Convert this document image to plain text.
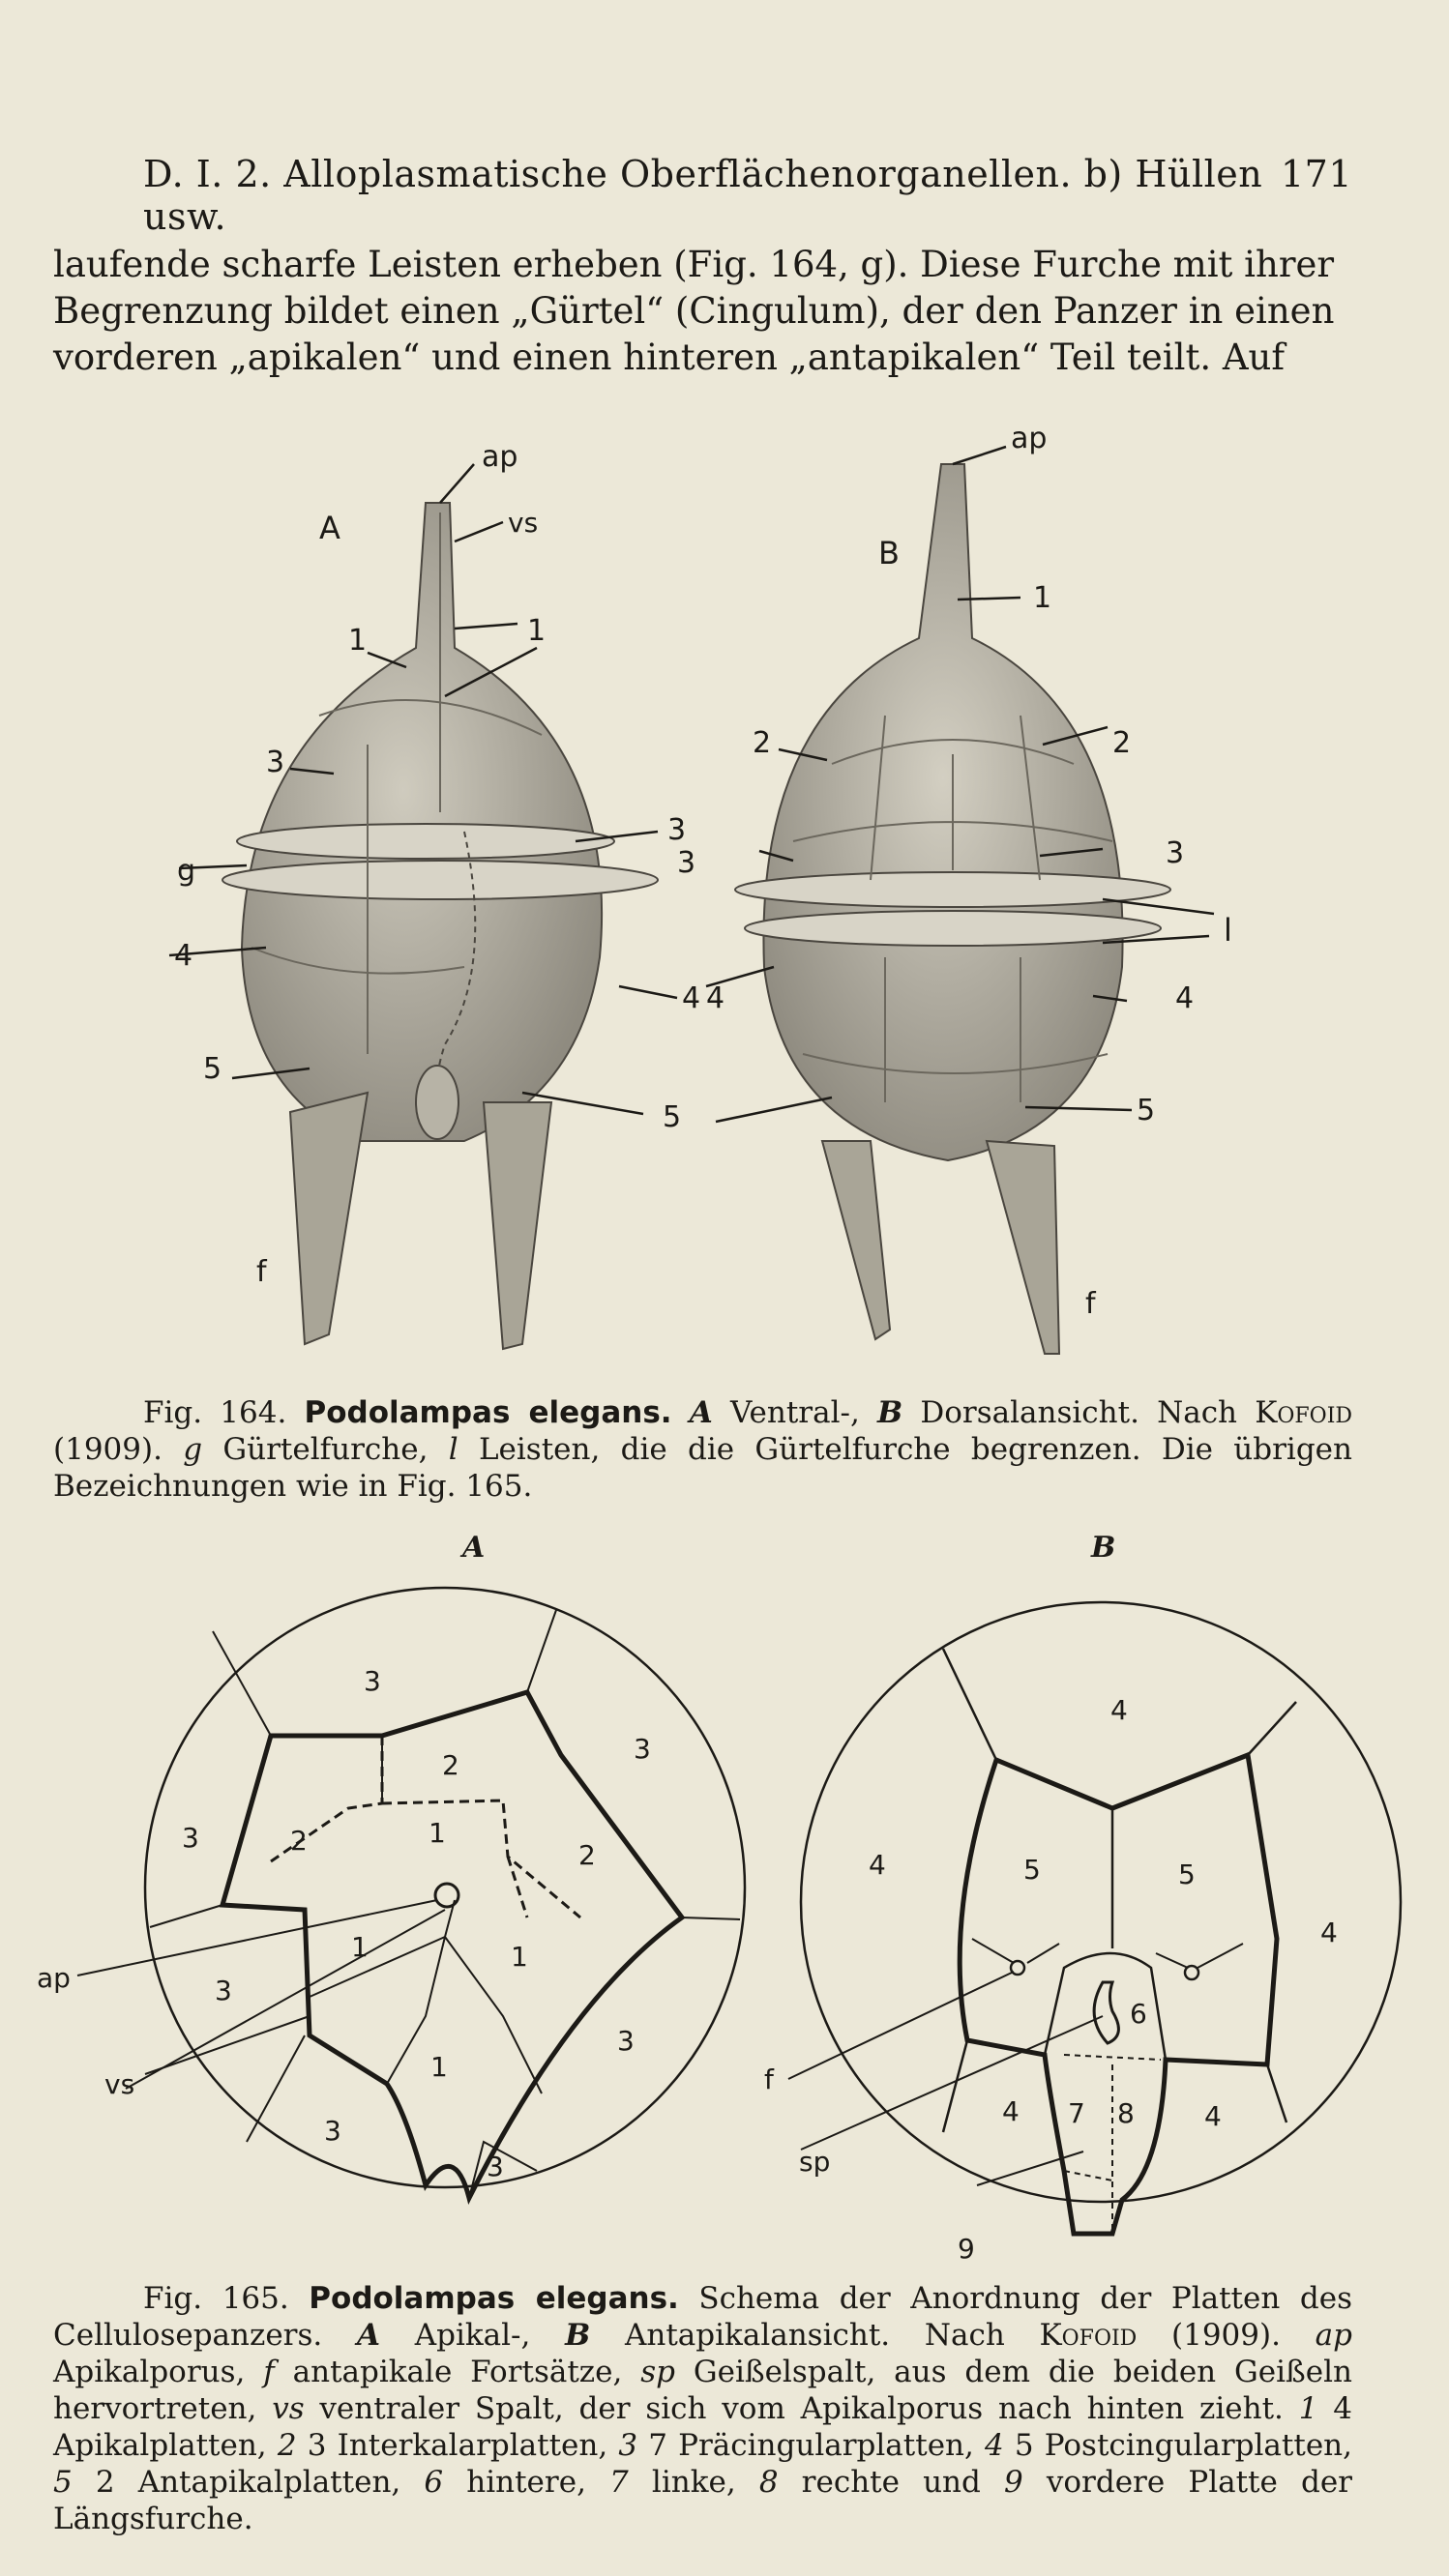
D. I. 2. Alloplasmatische Oberflächenorganellen. b) Hüllen usw.
171
laufende scharfe Leisten erheben (Fig. 164, g). Diese Furche mit ihrer
Begrenzung bildet einen „Gürtel“ (Cingulum), der den Panzer in einen
vorderen „apikalen“ und einen hinteren „antapikalen“ Teil teilt. Auf
A
ap
vs
1	1
3
3
g
4
4
5
5
f
B
ap
1
2	2
3
3
l
4
4
5
f
Fig. 164. Podolampas elegans. A Ventral-, B Dorsalansicht. Nach Kofoid (1909). g Gürtelfurche, l Leisten, die die Gürtelfurche begrenzen. Die übrigen Bezeichnungen wie in Fig. 165.
A	B
3
3
3	2
2
2
1
1	1
1
3
3
3
3
ap
vs
4
4
4
5	5
6
7 8
4	4
f
sp
9
Fig. 165. Podolampas elegans. Schema der Anordnung der Platten des Cellulosepanzers. A Apikal-, B Antapikalansicht. Nach Kofoid (1909). ap Apikalporus, f antapikale Fortsätze, sp Geißelspalt, aus dem die beiden Geißeln hervortreten, vs ventraler Spalt, der sich vom Apikalporus nach hinten zieht. 1 4 Apikalplatten, 2 3 Interkalarplatten, 3 7 Präcingularplatten, 4 5 Postcingularplatten, 5 2 Antapikalplatten, 6 hintere, 7 linke, 8 rechte und 9 vordere Platte der Längsfurche.
